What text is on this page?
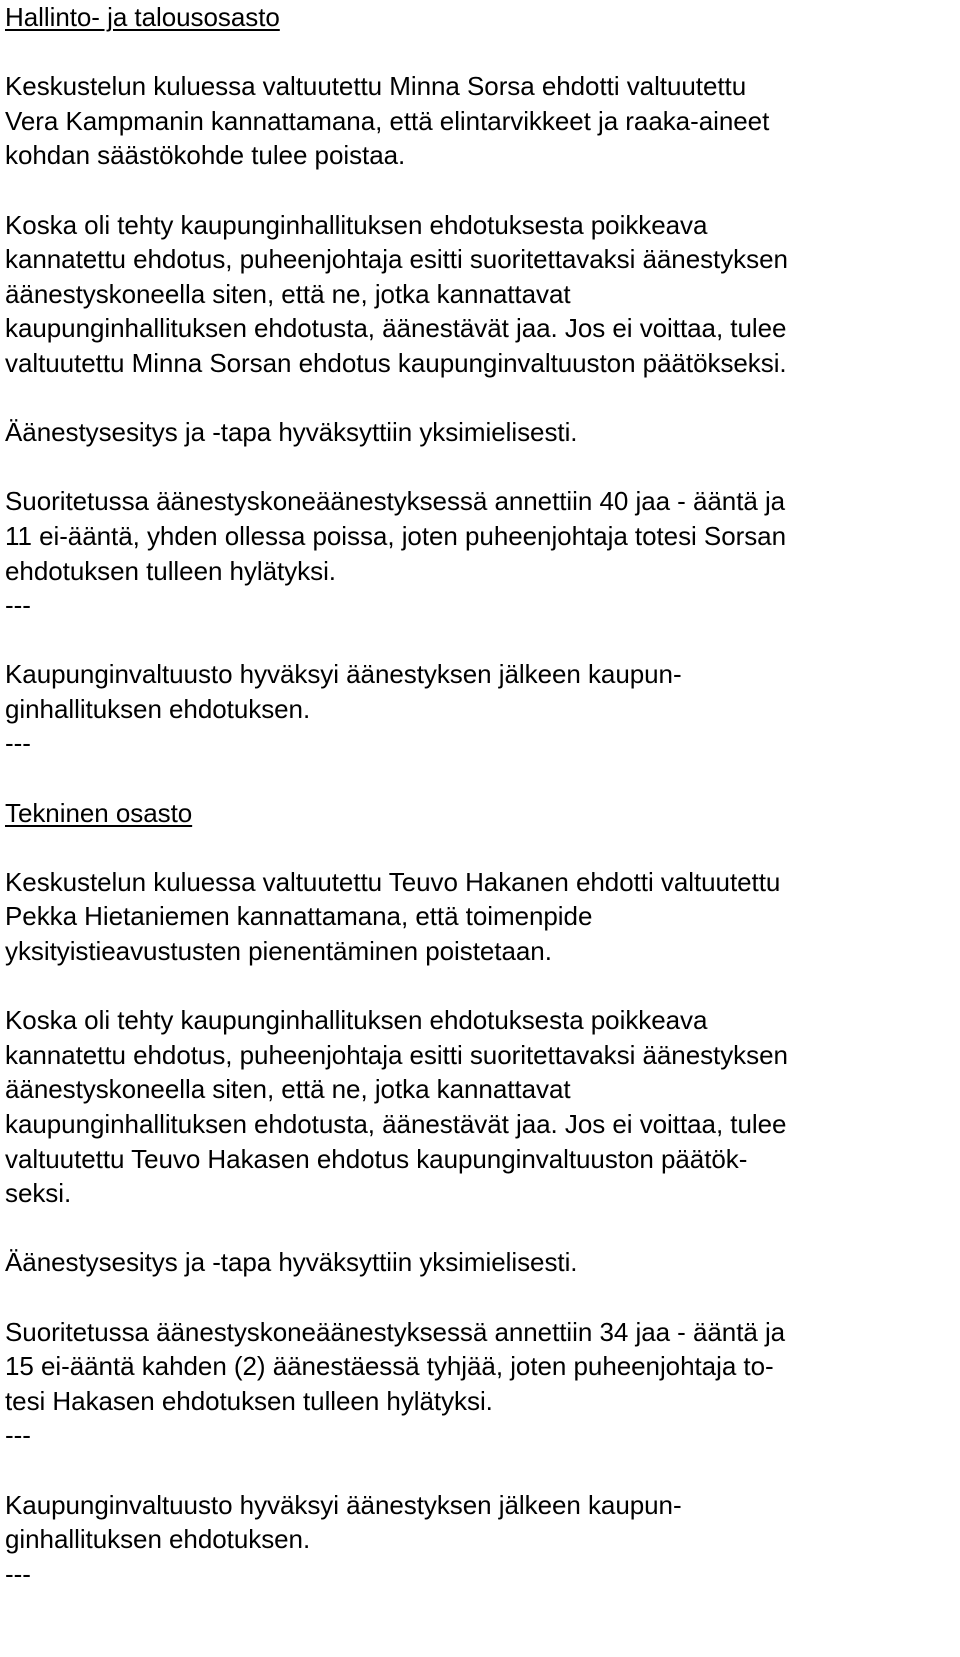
Hallinto- ja talousosasto
Keskustelun kuluessa valtuutettu Minna Sorsa ehdotti valtuutettu
Vera Kampmanin kannattamana, että elintarvikkeet ja raaka-aineet
kohdan säästökohde tulee poistaa.
Koska oli tehty kaupunginhallituksen ehdotuksesta poikkeava
kannatettu ehdotus, puheenjohtaja esitti suoritettavaksi äänestyksen
äänestyskoneella siten, että ne, jotka kannattavat
kaupunginhallituksen ehdotusta, äänestävät jaa. Jos ei voittaa, tulee
valtuutettu Minna Sorsan ehdotus kaupunginvaltuuston päätökseksi.
Äänestysesitys ja -tapa hyväksyttiin yksimielisesti.
Suoritetussa äänestyskoneäänestyksessä annettiin 40 jaa - ääntä ja
11 ei-ääntä, yhden ollessa poissa, joten puheenjohtaja totesi Sorsan
ehdotuksen tulleen hylätyksi.
---
Kaupunginvaltuusto hyväksyi äänestyksen jälkeen kaupun-
ginhallituksen ehdotuksen.
---
Tekninen osasto
Keskustelun kuluessa valtuutettu Teuvo Hakanen ehdotti valtuutettu
Pekka Hietaniemen kannattamana, että toimenpide
yksityistieavustusten pienentäminen poistetaan.
Koska oli tehty kaupunginhallituksen ehdotuksesta poikkeava
kannatettu ehdotus, puheenjohtaja esitti suoritettavaksi äänestyksen
äänestyskoneella siten, että ne, jotka kannattavat
kaupunginhallituksen ehdotusta, äänestävät jaa. Jos ei voittaa, tulee
valtuutettu Teuvo Hakasen ehdotus kaupunginvaltuuston päätök-
seksi.
Äänestysesitys ja -tapa hyväksyttiin yksimielisesti.
Suoritetussa äänestyskoneäänestyksessä annettiin 34 jaa - ääntä ja
15 ei-ääntä kahden (2) äänestäessä tyhjää, joten puheenjohtaja to-
tesi Hakasen ehdotuksen tulleen hylätyksi.
---
Kaupunginvaltuusto hyväksyi äänestyksen jälkeen kaupun-
ginhallituksen ehdotuksen.
---
